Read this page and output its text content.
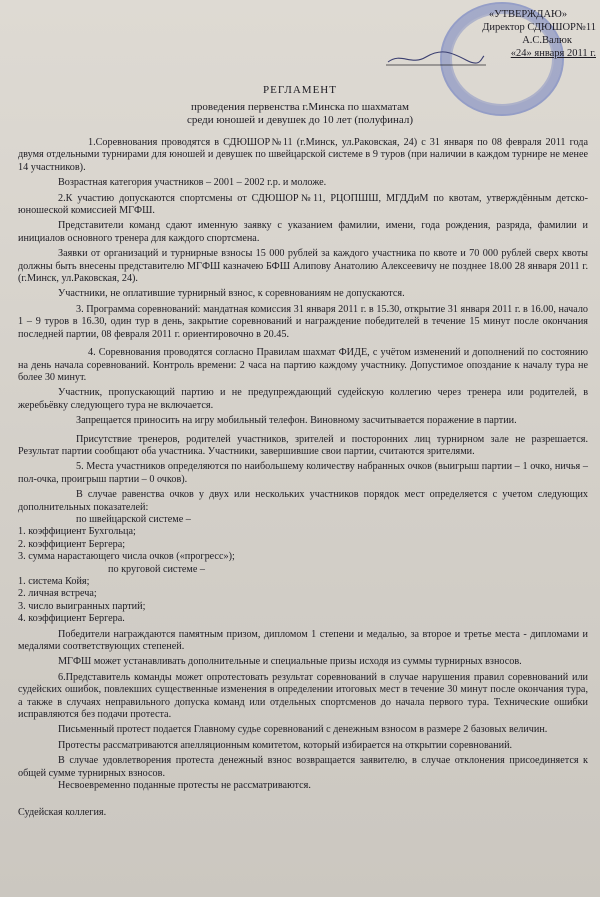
«УТВЕРЖДАЮ»
Директор СДЮШОР№11
А.С.Валюк
«24» января 2011 г.
РЕГЛАМЕНТ
проведения первенства г.Минска по шахматам
среди юношей и девушек до 10 лет (полуфинал)

1.Соревнования проводятся в СДЮШОР№11 (г.Минск, ул.Раковская, 24) с 31 января по 08 февраля 2011 года двумя отдельными турнирами для юношей и девушек по швейцарской системе в 9 туров (при наличии в каждом турнире не менее 14 участников).

Возрастная категория участников – 2001 – 2002 г.р. и моложе.

2.К участию допускаются спортсмены от СДЮШОР№11, РЦОПШШ, МГДДиМ по квотам, утверждённым детско-юношеской комиссией МГФШ.

Представители команд сдают именную заявку с указанием фамилии, имени, года рождения, разряда, фамилии и инициалов основного тренера для каждого спортсмена.

Заявки от организаций и турнирные взносы 15 000 рублей за каждого участника по квоте и 70 000 рублей сверх квоты должны быть внесены представителю МГФШ казначею БФШ Алипову Анатолию Алексеевичу не позднее 18.00 28 января 2011 г. (г.Минск, ул.Раковская, 24).

Участники, не оплатившие турнирный взнос, к соревнованиям не допускаются.

3. Программа соревнований: мандатная комиссия 31 января 2011 г. в 15.30, открытие 31 января 2011 г. в 16.00, начало 1 – 9 туров в 16.30, один тур в день, закрытие соревнований и награждение победителей в течение 15 минут после окончания последней партии, 08 февраля 2011 г. ориентировочно в 20.45.

4. Соревнования проводятся согласно Правилам шахмат ФИДЕ, с учётом изменений и дополнений по состоянию на день начала соревнований. Контроль времени: 2 часа на партию каждому участнику. Допустимое опоздание к началу тура не более 30 минут.

Участник, пропускающий партию и не предупреждающий судейскую коллегию через тренера или родителей, в жеребьёвку следующего тура не включается.

Запрещается приносить на игру мобильный телефон. Виновному засчитывается поражение в партии.

Присутствие тренеров, родителей участников, зрителей и посторонних лиц турнирном зале не разрешается. Результат партии сообщают оба участника. Участники, завершившие свои партии, считаются зрителями.

5. Места участников определяются по наибольшему количеству набранных очков (выигрыш партии – 1 очко, ничья – пол-очка, проигрыш партии – 0 очков).

В случае равенства очков у двух или нескольких участников порядок мест определяется с учетом следующих дополнительных показателей:

по швейцарской системе –

1. коэффициент Бухгольца;

2. коэффициент Бергера;

3. сумма нарастающего числа очков («прогресс»);

по круговой системе –

1. система Койя;

2. личная встреча;

3. число выигранных партий;

4. коэффициент Бергера.

Победители награждаются памятным призом, дипломом 1 степени и медалью, за второе и третье места - дипломами и медалями соответствующих степеней.

МГФШ может устанавливать дополнительные и специальные призы исходя из суммы турнирных взносов.

6.Представитель команды может опротестовать результат соревнований в случае нарушения правил соревнований или судейских ошибок, повлекших существенные изменения в определении итоговых мест в течение 30 минут после окончания тура, а также в случаях неправильного допуска команд или отдельных спортсменов до начала первого тура. Технические ошибки исправляются без подачи протеста.

Письменный протест подается Главному судье соревнований с денежным взносом в размере 2 базовых величин.

Протесты рассматриваются апелляционным комитетом, который избирается на открытии соревнований.

В случае удовлетворения протеста денежный взнос возвращается заявителю, в случае отклонения присоединяется к общей сумме турнирных взносов.

Несвоевременно поданные протесты не рассматриваются.

Судейская коллегия.
